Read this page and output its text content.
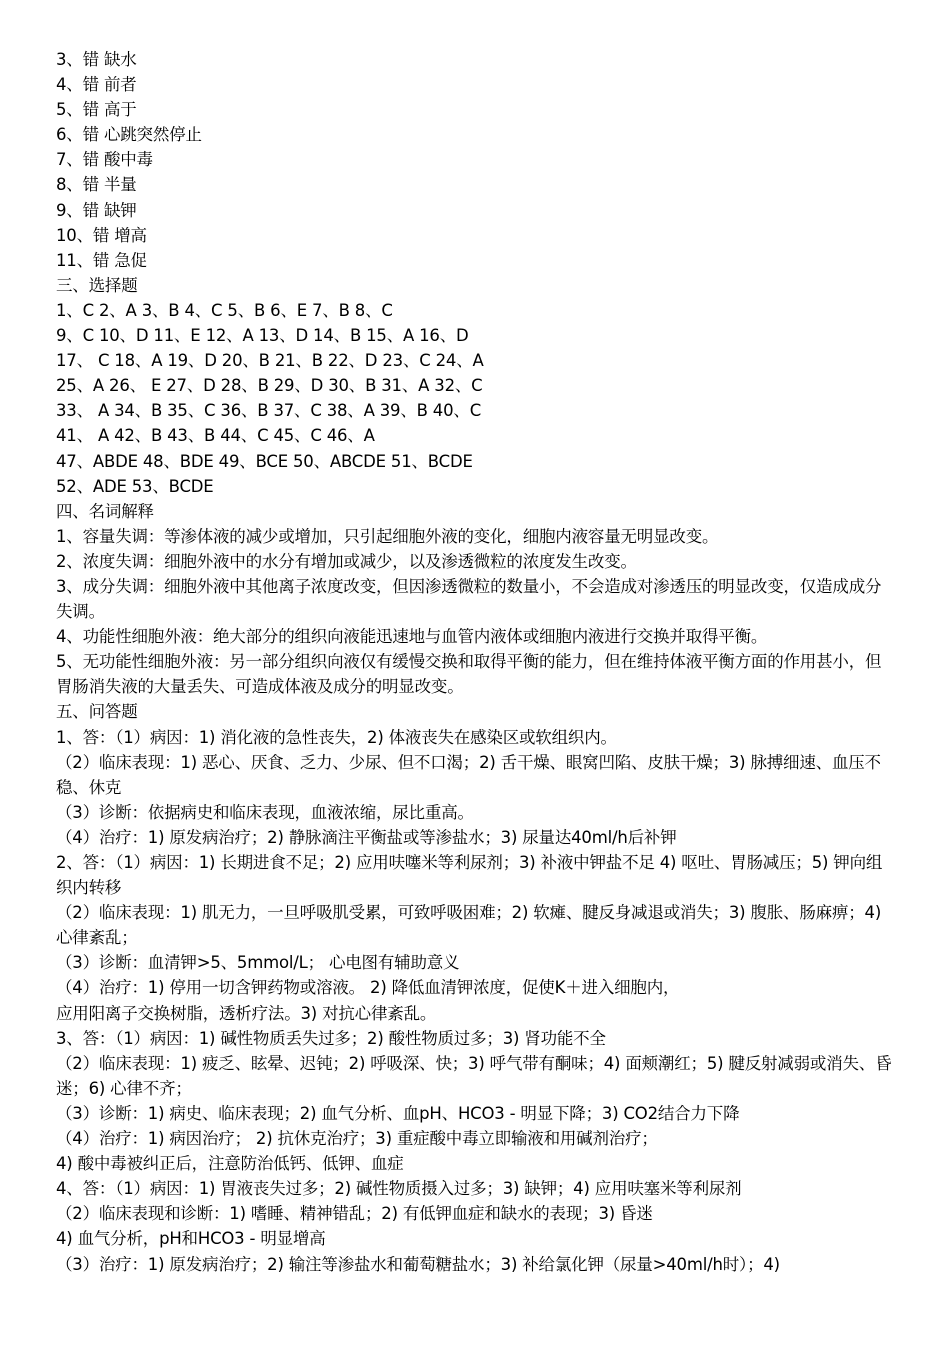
3、错 缺水

4、错 前者

5、错 高于

6、错 心跳突然停止

7、错 酸中毒

8、错 半量

9、错 缺钾

10、错 增高

11、错 急促

三、选择题

1、C 2、A 3、B 4、C 5、B 6、E 7、B 8、C

9、C 10、D 11、E 12、A 13、D 14、B 15、A 16、D

17、 C 18、A 19、D 20、B 21、B 22、D 23、C 24、A

25、A 26、 E 27、D 28、B 29、D 30、B 31、A 32、C

33、 A 34、B 35、C 36、B 37、C 38、A 39、B 40、C

41、 A 42、B 43、B 44、C 45、C 46、A

47、ABDE 48、BDE 49、BCE 50、ABCDE 51、BCDE

52、ADE 53、BCDE

四、名词解释

1、容量失调：等渗体液的减少或增加，只引起细胞外液的变化，细胞内液容量无明显改变。

2、浓度失调：细胞外液中的水分有增加或减少，以及渗透微粒的浓度发生改变。

3、成分失调：细胞外液中其他离子浓度改变，但因渗透微粒的数量小，不会造成对渗透压的明显改变，仅造成成分失调。

4、功能性细胞外液：绝大部分的组织向液能迅速地与血管内液体或细胞内液进行交换并取得平衡。

5、无功能性细胞外液：另一部分组织向液仅有缓慢交换和取得平衡的能力，但在维持体液平衡方面的作用甚小，但胃肠消失液的大量丢失、可造成体液及成分的明显改变。

五、问答题

1、答：（1）病因：1) 消化液的急性丧失，2) 体液丧失在感染区或软组织内。

（2）临床表现：1) 恶心、厌食、乏力、少尿、但不口渴；2) 舌干燥、眼窝凹陷、皮肤干燥；3) 脉搏细速、血压不稳、休克

（3）诊断：依据病史和临床表现，血液浓缩，尿比重高。

（4）治疗：1) 原发病治疗；2) 静脉滴注平衡盐或等渗盐水；3) 尿量达40ml/h后补钾

2、答：（1）病因：1) 长期进食不足；2) 应用呋噻米等利尿剂；3) 补液中钾盐不足 4) 呕吐、胃肠减压；5) 钾向组织内转移

（2）临床表现：1) 肌无力，一旦呼吸肌受累，可致呼吸困难；2) 软瘫、腱反身减退或消失；3) 腹胀、肠麻痹；4) 心律紊乱；

（3）诊断：血清钾>5、5mmol/L； 心电图有辅助意义

（4）治疗：1) 停用一切含钾药物或溶液。 2) 降低血清钾浓度，促使K＋进入细胞内，

应用阳离子交换树脂，透析疗法。3) 对抗心律紊乱。

3、答：（1）病因：1) 碱性物质丢失过多；2) 酸性物质过多；3) 肾功能不全

（2）临床表现：1) 疲乏、眩晕、迟钝；2) 呼吸深、快；3) 呼气带有酮味；4) 面颊潮红；5) 腱反射减弱或消失、昏迷；6) 心律不齐；

（3）诊断：1) 病史、临床表现；2) 血气分析、血pH、HCO3 - 明显下降；3) CO2结合力下降

（4）治疗：1) 病因治疗； 2) 抗休克治疗；3) 重症酸中毒立即输液和用碱剂治疗；

4) 酸中毒被纠正后，注意防治低钙、低钾、血症

4、答：（1）病因：1) 胃液丧失过多；2) 碱性物质摄入过多；3) 缺钾；4) 应用呋塞米等利尿剂

（2）临床表现和诊断：1) 嗜睡、精神错乱；2) 有低钾血症和缺水的表现；3) 昏迷

4) 血气分析，pH和HCO3 - 明显增高

（3）治疗：1) 原发病治疗；2) 输注等渗盐水和葡萄糖盐水；3) 补给氯化钾（尿量>40ml/h时）；4)
